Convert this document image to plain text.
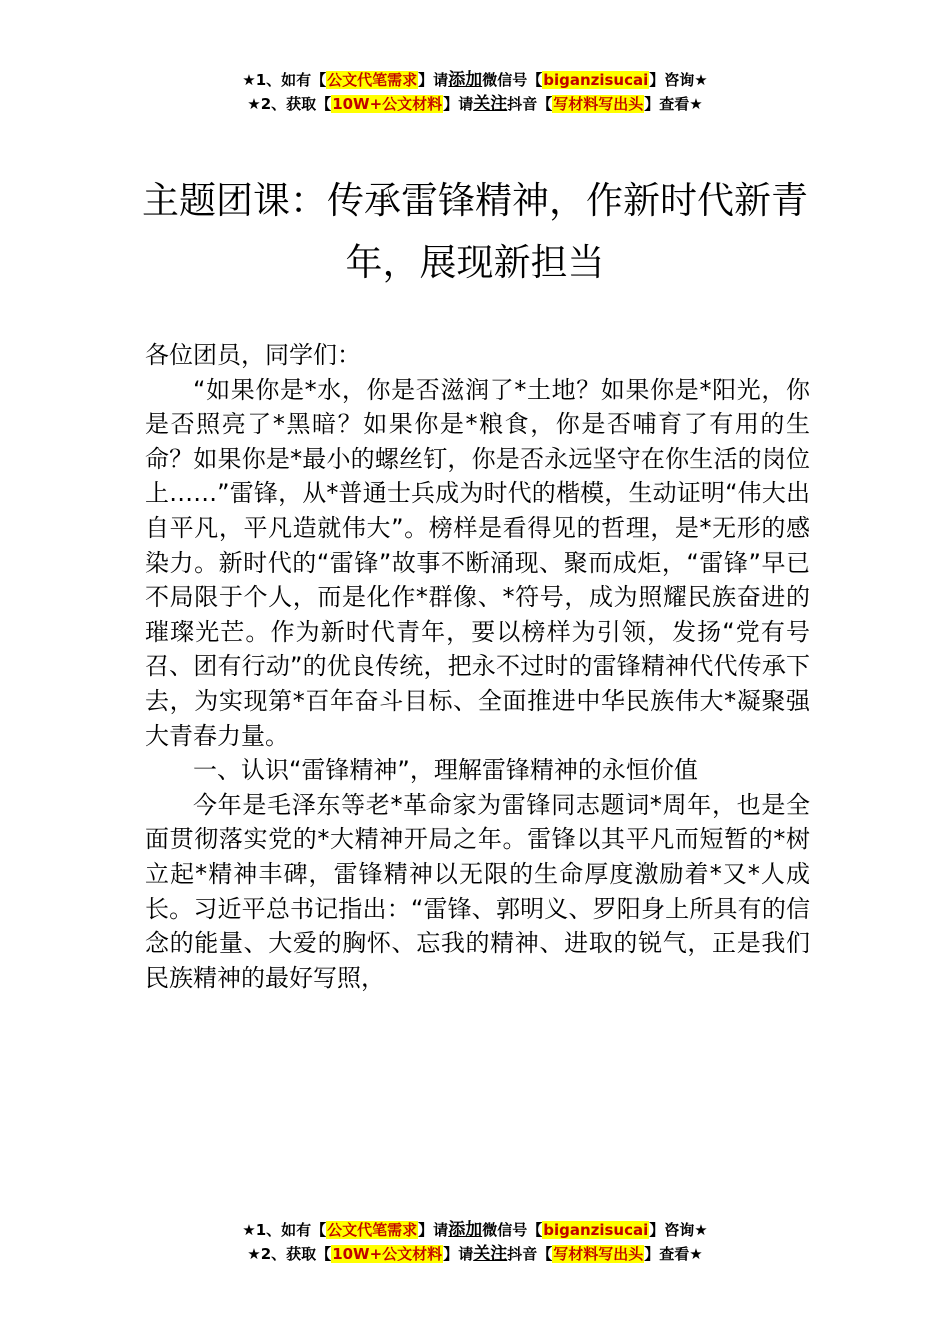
★1、如有【公文代笔需求】请添加微信号【biganzisucai】咨询★
★2、获取【10W+公文材料】请关注抖音【写材料写出头】查看★
主题团课：传承雷锋精神，作新时代新青年，展现新担当

各位团员，同学们：

“如果你是*水，你是否滋润了*土地？如果你是*阳光，你是否照亮了*黑暗？如果你是*粮食，你是否哺育了有用的生命？如果你是*最小的螺丝钉，你是否永远坚守在你生活的岗位上……”雷锋，从*普通士兵成为时代的楷模，生动证明“伟大出自平凡，平凡造就伟大”。榜样是看得见的哲理，是*无形的感染力。新时代的“雷锋”故事不断涌现、聚而成炬，“雷锋”早已不局限于个人，而是化作*群像、*符号，成为照耀民族奋进的璀璨光芒。作为新时代青年，要以榜样为引领，发扬“党有号召、团有行动”的优良传统，把永不过时的雷锋精神代代传承下去，为实现第*百年奋斗目标、全面推进中华民族伟大*凝聚强大青春力量。

一、认识“雷锋精神”，理解雷锋精神的永恒价值

今年是毛泽东等老*革命家为雷锋同志题词*周年，也是全面贯彻落实党的*大精神开局之年。雷锋以其平凡而短暂的*树立起*精神丰碑，雷锋精神以无限的生命厚度激励着*又*人成长。习近平总书记指出：“雷锋、郭明义、罗阳身上所具有的信念的能量、大爱的胸怀、忘我的精神、进取的锐气，正是我们民族精神的最好写照，

★1、如有【公文代笔需求】请添加微信号【biganzisucai】咨询★
★2、获取【10W+公文材料】请关注抖音【写材料写出头】查看★
